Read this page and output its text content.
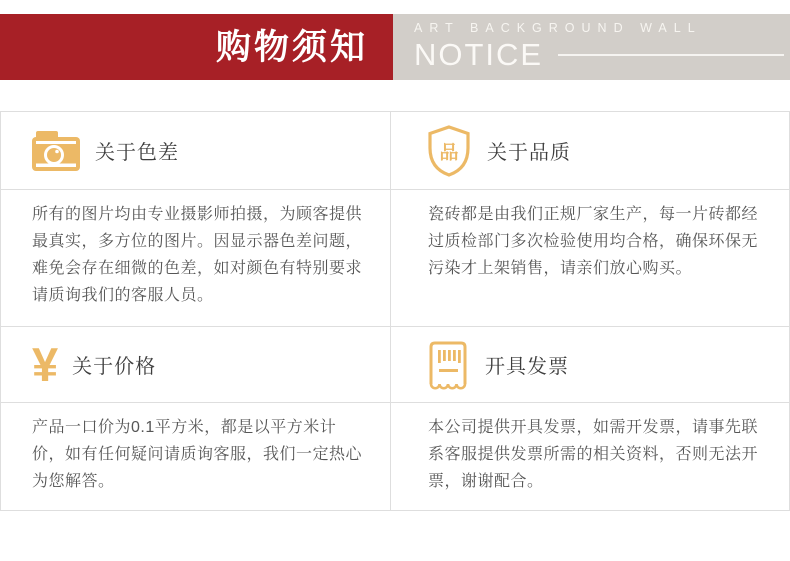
购物须知	ART BACKGROUND WALL
NOTICE
关于色差	品 关于品质
所有的图片均由专业摄影师拍摄，为顾客提供最真实，多方位的图片。因显示器色差问题，难免会存在细微的色差，如对颜色有特别要求请质询我们的客服人员。
瓷砖都是由我们正规厂家生产，每一片砖都经过质检部门多次检验使用均合格，确保环保无污染才上架销售，请亲们放心购买。
¥ 关于价格	开具发票
产品一口价为0.1平方米，都是以平方米计价，如有任何疑问请质询客服，我们一定热心为您解答。
本公司提供开具发票，如需开发票，请事先联系客服提供发票所需的相关资料，否则无法开票，谢谢配合。
